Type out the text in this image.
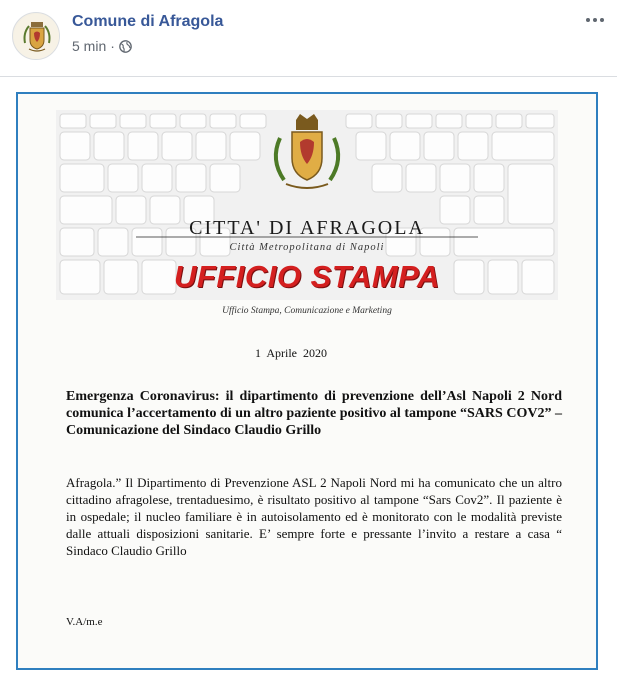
Comune di Afragola
5 min ·
CITTA' DI AFRAGOLA
Città Metropolitana di Napoli
UFFICIO STAMPA
Ufficio Stampa, Comunicazione e Marketing
1 Aprile 2020
Emergenza Coronavirus: il dipartimento di prevenzione dell’Asl Napoli 2 Nord comunica l’accertamento di un altro paziente positivo al tampone “SARS COV2” – Comunicazione del Sindaco Claudio Grillo
Afragola.” Il Dipartimento di Prevenzione ASL 2 Napoli Nord mi ha comunicato che un altro cittadino afragolese, trentaduesimo, è risultato positivo al tampone “Sars Cov2”. Il paziente è in ospedale; il nucleo familiare è in autoisolamento ed è monitorato con le modalità previste dalle attuali disposizioni sanitarie. E’ sempre forte e pressante l’invito a restare a casa “ Sindaco Claudio Grillo
V.A/m.e
